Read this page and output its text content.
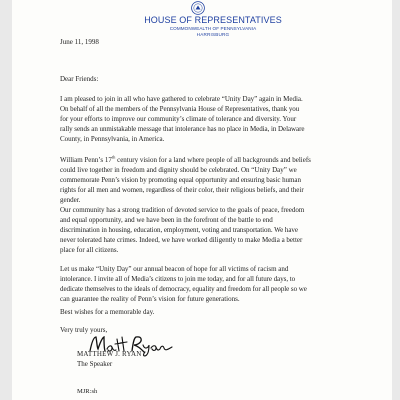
HOUSE OF REPRESENTATIVES
COMMONWEALTH OF PENNSYLVANIA
HARRISBURG
June 11, 1998
Dear Friends:
I am pleased to join in all who have gathered to celebrate “Unity Day” again in Media.
On behalf of all the members of the Pennsylvania House of Representatives, thank you
for your efforts to improve our community’s climate of tolerance and diversity. Your
rally sends an unmistakable message that intolerance has no place in Media, in Delaware
County, in Pennsylvania, in America.
William Penn’s 17th century vision for a land where people of all backgrounds and beliefs
could live together in freedom and dignity should be celebrated. On “Unity Day” we
commemorate Penn’s vision by promoting equal opportunity and ensuring basic human
rights for all men and women, regardless of their color, their religious beliefs, and their
gender.
Our community has a strong tradition of devoted service to the goals of peace, freedom
and equal opportunity, and we have been in the forefront of the battle to end
discrimination in housing, education, employment, voting and transportation. We have
never tolerated hate crimes. Indeed, we have worked diligently to make Media a better
place for all citizens.
Let us make “Unity Day” our annual beacon of hope for all victims of racism and
intolerance. I invite all of Media’s citizens to join me today, and for all future days, to
dedicate themselves to the ideals of democracy, equality and freedom for all people so we
can guarantee the reality of Penn’s vision for future generations.
Best wishes for a memorable day.
Very truly yours,
MATTHEW J. RYAN
The Speaker
MJR:sh
